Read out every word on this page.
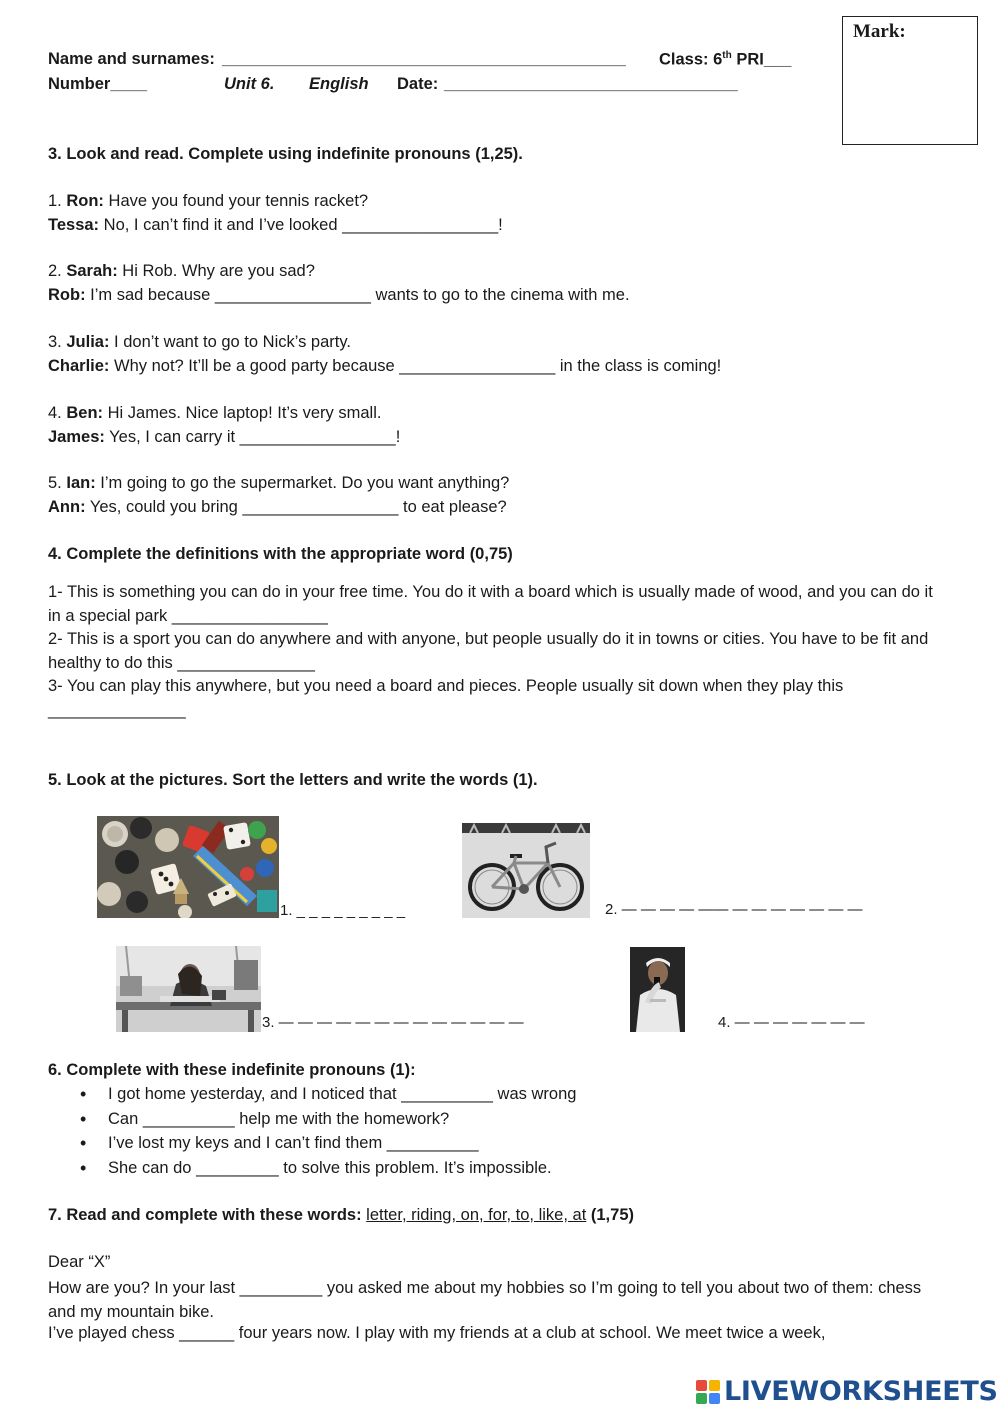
Name and surnames: ____________________________________________ Class: 6th PRI___
Number____	Unit 6. English Date: ________________________________
Mark:
3. Look and read. Complete using indefinite pronouns (1,25).
1. Ron: Have you found your tennis racket?
Tessa: No, I can’t find it and I’ve looked _________________!
2. Sarah: Hi Rob. Why are you sad?
Rob: I’m sad because _________________ wants to go to the cinema with me.
3. Julia: I don’t want to go to Nick’s party.
Charlie: Why not? It’ll be a good party because _________________ in the class is coming!
4. Ben: Hi James. Nice laptop! It’s very small.
James: Yes, I can carry it _________________!
5. Ian: I’m going to go the supermarket. Do you want anything?
Ann: Yes, could you bring _________________ to eat please?
4. Complete the definitions with the appropriate word (0,75)
1- This is something you can do in your free time. You do it with a board which is usually made of wood, and you can do it in a special park _________________
2- This is a sport you can do anywhere and with anyone, but people usually do it in towns or cities. You have to be fit and healthy to do this _______________
3- You can play this anywhere, but you need a board and pieces. People usually sit down when they play this _______________
5. Look at the pictures. Sort the letters and write the words (1).
1. _ _ _ _ _ _ _ _ _	2. — — — — —— — — — — — — —
3. — — — — — — — — — — — — —	4. — — — — — — —
6. Complete with these indefinite pronouns (1):
• I got home yesterday, and I noticed that __________ was wrong
• Can __________ help me with the homework?
• I’ve lost my keys and I can’t find them __________
• She can do _________ to solve this problem. It’s impossible.
7. Read and complete with these words: letter, riding, on, for, to, like, at (1,75)
Dear “X”
How are you? In your last _________ you asked me about my hobbies so I’m going to tell you about two of them: chess and my mountain bike.
I’ve played chess ______ four years now. I play with my friends at a club at school. We meet twice a week,
LIVEWORKSHEETS
